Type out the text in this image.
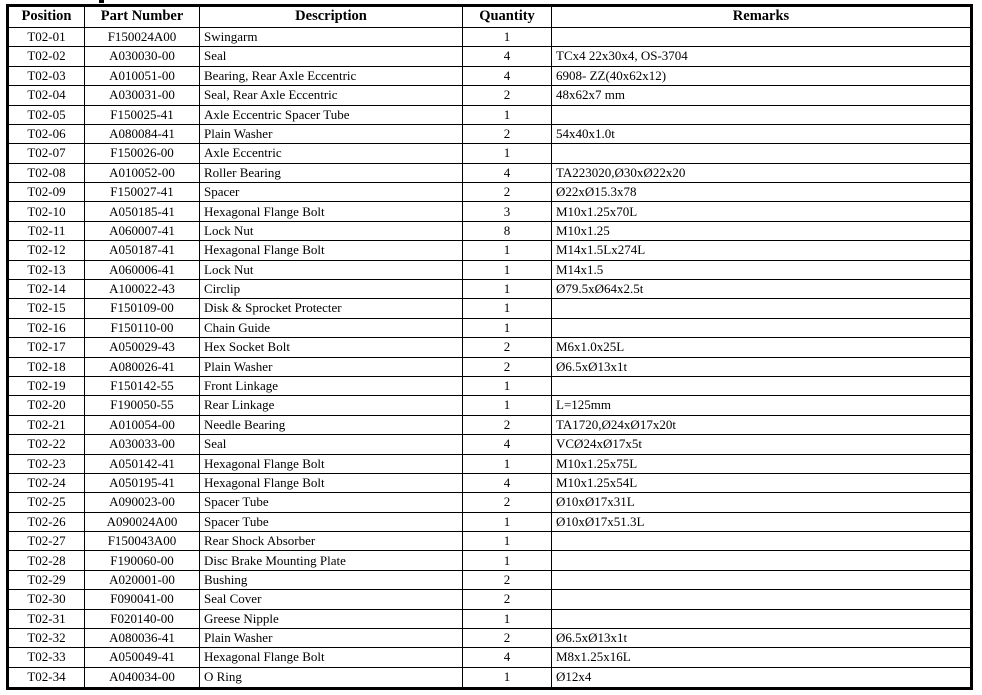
Position	Part Number	Description	Quantity	Remarks
T02-01	F150024A00	Swingarm	1	
T02-02	A030030-00	Seal	4	TCx4 22x30x4, OS-3704
T02-03	A010051-00	Bearing, Rear Axle Eccentric	4	6908- ZZ(40x62x12)
T02-04	A030031-00	Seal, Rear Axle Eccentric	2	48x62x7 mm
T02-05	F150025-41	Axle Eccentric Spacer Tube	1	
T02-06	A080084-41	Plain Washer	2	54x40x1.0t
T02-07	F150026-00	Axle Eccentric	1	
T02-08	A010052-00	Roller Bearing	4	TA223020,Ø30xØ22x20
T02-09	F150027-41	Spacer	2	Ø22xØ15.3x78
T02-10	A050185-41	Hexagonal Flange Bolt	3	M10x1.25x70L
T02-11	A060007-41	Lock Nut	8	M10x1.25
T02-12	A050187-41	Hexagonal Flange Bolt	1	M14x1.5Lx274L
T02-13	A060006-41	Lock Nut	1	M14x1.5
T02-14	A100022-43	Circlip	1	Ø79.5xØ64x2.5t
T02-15	F150109-00	Disk & Sprocket Protecter	1	
T02-16	F150110-00	Chain Guide	1	
T02-17	A050029-43	Hex Socket Bolt	2	M6x1.0x25L
T02-18	A080026-41	Plain Washer	2	Ø6.5xØ13x1t
T02-19	F150142-55	Front Linkage	1	
T02-20	F190050-55	Rear Linkage	1	L=125mm
T02-21	A010054-00	Needle Bearing	2	TA1720,Ø24xØ17x20t
T02-22	A030033-00	Seal	4	VCØ24xØ17x5t
T02-23	A050142-41	Hexagonal Flange Bolt	1	M10x1.25x75L
T02-24	A050195-41	Hexagonal Flange Bolt	4	M10x1.25x54L
T02-25	A090023-00	Spacer Tube	2	Ø10xØ17x31L
T02-26	A090024A00	Spacer Tube	1	Ø10xØ17x51.3L
T02-27	F150043A00	Rear Shock Absorber	1	
T02-28	F190060-00	Disc Brake Mounting Plate	1	
T02-29	A020001-00	Bushing	2	
T02-30	F090041-00	Seal Cover	2	
T02-31	F020140-00	Greese Nipple	1	
T02-32	A080036-41	Plain Washer	2	Ø6.5xØ13x1t
T02-33	A050049-41	Hexagonal Flange Bolt	4	M8x1.25x16L
T02-34	A040034-00	O Ring	1	Ø12x4
